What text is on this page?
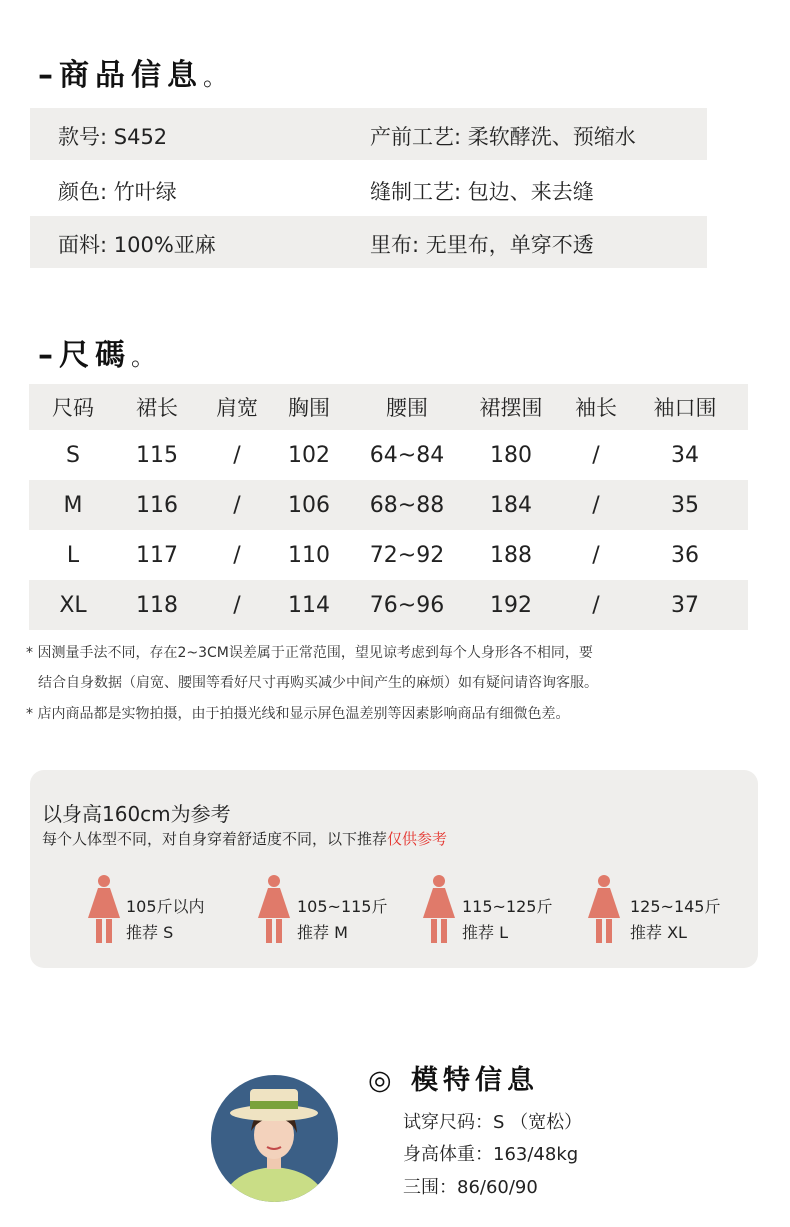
–商品信息。
款号: S452	产前工艺: 柔软酵洗、预缩水
颜色: 竹叶绿	缝制工艺: 包边、来去缝
面料: 100%亚麻	里布: 无里布，单穿不透
–尺碼。
尺码	裙长	肩宽	胸围	腰围	裙摆围	袖长	袖口围
S	115	/	102	64~84	180	/	34
M	116	/	106	68~88	184	/	35
L	117	/	110	72~92	188	/	36
XL	118	/	114	76~96	192	/	37
* 因测量手法不同，存在2~3CM误差属于正常范围，望见谅考虑到每个人身形各不相同，要
结合自身数据（肩宽、腰围等看好尺寸再购买减少中间产生的麻烦）如有疑问请咨询客服。
* 店内商品都是实物拍摄，由于拍摄光线和显示屏色温差别等因素影响商品有细微色差。
以身高160cm为参考
每个人体型不同，对自身穿着舒适度不同，以下推荐仅供参考
105斤以内
推荐 S
105~115斤
推荐 M
115~125斤
推荐 L
125~145斤
推荐 XL
◎ 模特信息
试穿尺码：S （宽松）
身高体重：163/48kg
三围：86/60/90
